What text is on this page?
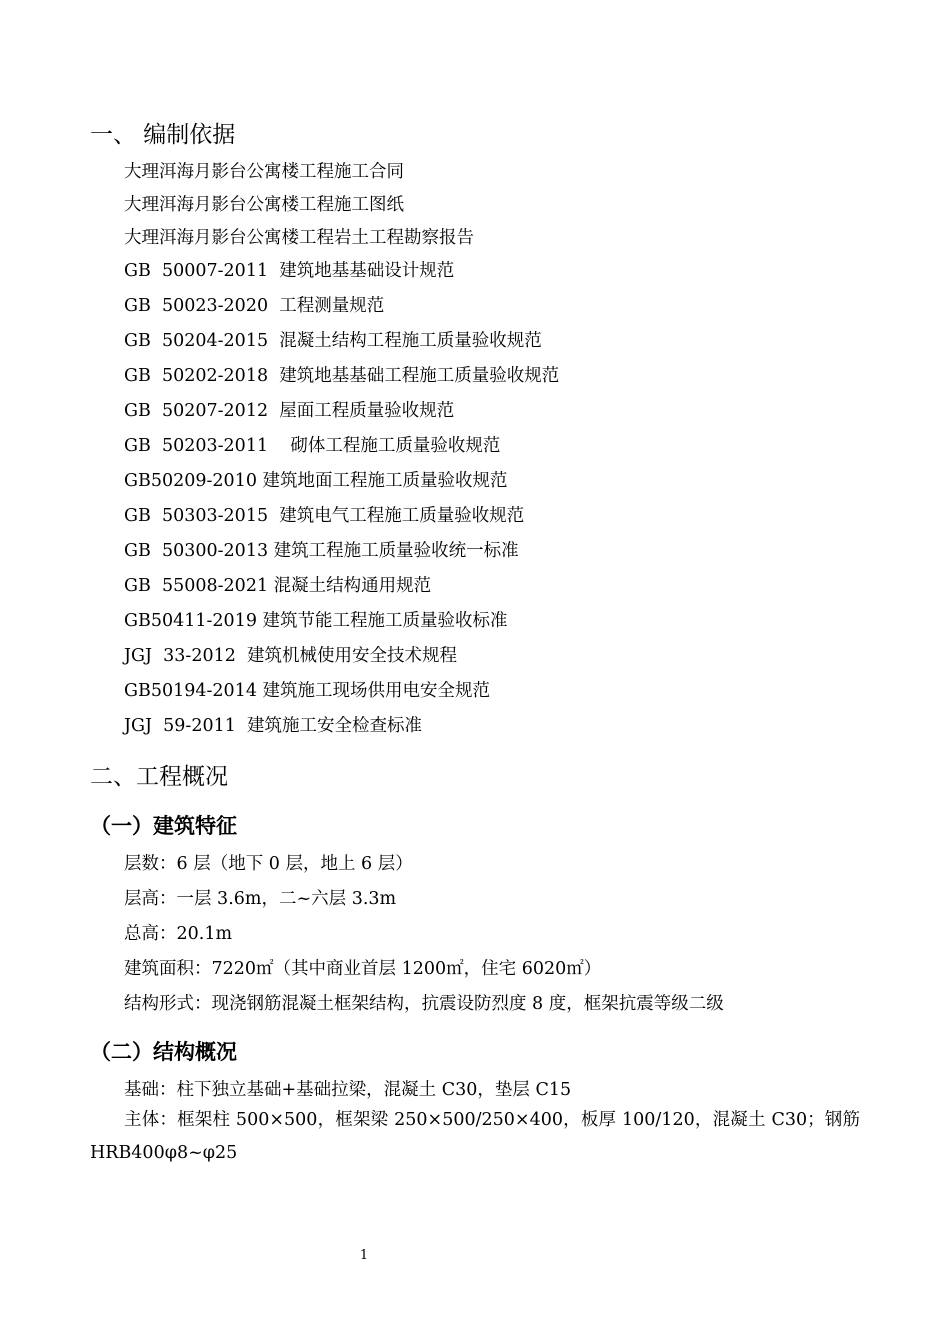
一、 编制依据
大理洱海月影台公寓楼工程施工合同
大理洱海月影台公寓楼工程施工图纸
大理洱海月影台公寓楼工程岩土工程勘察报告
GB  50007-2011  建筑地基基础设计规范
GB  50023-2020  工程测量规范
GB  50204-2015  混凝土结构工程施工质量验收规范
GB  50202-2018  建筑地基基础工程施工质量验收规范
GB  50207-2012  屋面工程质量验收规范
GB  50203-2011    砌体工程施工质量验收规范
GB50209-2010 建筑地面工程施工质量验收规范
GB  50303-2015  建筑电气工程施工质量验收规范
GB  50300-2013 建筑工程施工质量验收统一标准
GB  55008-2021 混凝土结构通用规范
GB50411-2019 建筑节能工程施工质量验收标准
JGJ  33-2012  建筑机械使用安全技术规程
GB50194-2014 建筑施工现场供用电安全规范
JGJ  59-2011  建筑施工安全检查标准
二、工程概况
（一）建筑特征
层数：6 层（地下 0 层，地上 6 层）
层高：一层 3.6m，二~六层 3.3m
总高：20.1m
建筑面积：7220㎡（其中商业首层 1200㎡，住宅 6020㎡）
结构形式：现浇钢筋混凝土框架结构，抗震设防烈度 8 度，框架抗震等级二级
（二）结构概况
基础：柱下独立基础+基础拉梁，混凝土 C30，垫层 C15
主体：框架柱 500×500，框架梁 250×500/250×400，板厚 100/120，混凝土 C30；钢筋 HRB400φ8~φ25
1
